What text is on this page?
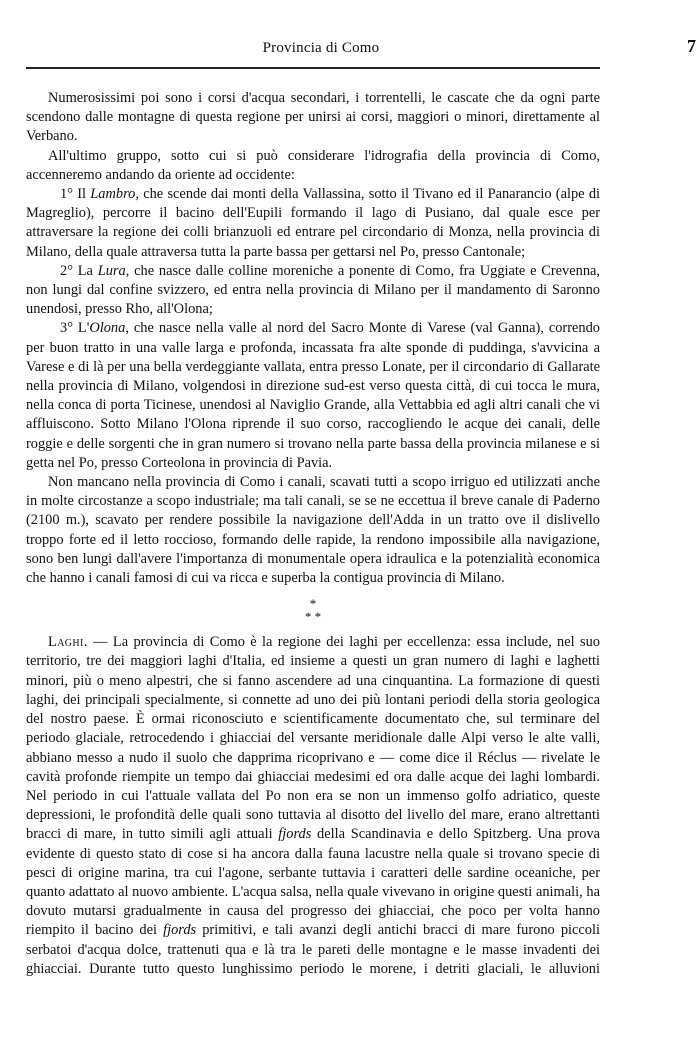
Provincia di Como	7

Numerosissimi poi sono i corsi d'acqua secondari, i torrentelli, le cascate che da ogni parte scendono dalle montagne di questa regione per unirsi ai corsi, maggiori o minori, direttamente al Verbano.

All'ultimo gruppo, sotto cui si può considerare l'idrografia della provincia di Como, accenneremo andando da oriente ad occidente:

1° Il Lambro, che scende dai monti della Vallassina, sotto il Tivano ed il Panarancio (alpe di Magreglio), percorre il bacino dell'Eupili formando il lago di Pusiano, dal quale esce per attraversare la regione dei colli brianzuoli ed entrare pel circondario di Monza, nella provincia di Milano, della quale attraversa tutta la parte bassa per gettarsi nel Po, presso Cantonale;

2° La Lura, che nasce dalle colline moreniche a ponente di Como, fra Uggiate e Crevenna, non lungi dal confine svizzero, ed entra nella provincia di Milano per il mandamento di Saronno unendosi, presso Rho, all'Olona;

3° L'Olona, che nasce nella valle al nord del Sacro Monte di Varese (val Ganna), correndo per buon tratto in una valle larga e profonda, incassata fra alte sponde di puddinga, s'avvicina a Varese e di là per una bella verdeggiante vallata, entra presso Lonate, per il circondario di Gallarate nella provincia di Milano, volgendosi in direzione sud-est verso questa città, di cui tocca le mura, nella conca di porta Ticinese, unendosi al Naviglio Grande, alla Vettabbia ed agli altri canali che vi affluiscono. Sotto Milano l'Olona riprende il suo corso, raccogliendo le acque dei canali, delle roggie e delle sorgenti che in gran numero si trovano nella parte bassa della provincia milanese e si getta nel Po, presso Corteolona in provincia di Pavia.

Non mancano nella provincia di Como i canali, scavati tutti a scopo irriguo ed utilizzati anche in molte circostanze a scopo industriale; ma tali canali, se se ne eccettua il breve canale di Paderno (2100 m.), scavato per rendere possibile la navigazione dell'Adda in un tratto ove il dislivello troppo forte ed il letto roccioso, formando delle rapide, la rendono impossibile alla navigazione, sono ben lungi dall'avere l'importanza di monumentale opera idraulica e la potenzialità economica che hanno i canali famosi di cui va ricca e superba la contigua provincia di Milano.

*
* *

Laghi. — La provincia di Como è la regione dei laghi per eccellenza: essa include, nel suo territorio, tre dei maggiori laghi d'Italia, ed insieme a questi un gran numero di laghi e laghetti minori, più o meno alpestri, che si fanno ascendere ad una cinquantina. La formazione di questi laghi, dei principali specialmente, si connette ad uno dei più lontani periodi della storia geologica del nostro paese. È ormai riconosciuto e scientificamente documentato che, sul terminare del periodo glaciale, retrocedendo i ghiacciai del versante meridionale dalle Alpi verso le alte valli, abbiano messo a nudo il suolo che dapprima ricoprivano e — come dice il Réclus — rivelate le cavità profonde riempite un tempo dai ghiacciai medesimi ed ora dalle acque dei laghi lombardi. Nel periodo in cui l'attuale vallata del Po non era se non un immenso golfo adriatico, queste depressioni, le profondità delle quali sono tuttavia al disotto del livello del mare, erano altrettanti bracci di mare, in tutto simili agli attuali fjords della Scandinavia e dello Spitzberg. Una prova evidente di questo stato di cose si ha ancora dalla fauna lacustre nella quale si trovano specie di pesci di origine marina, tra cui l'agone, serbante tuttavia i caratteri delle sardine oceaniche, per quanto adattato al nuovo ambiente. L'acqua salsa, nella quale vivevano in origine questi animali, ha dovuto mutarsi gradualmente in causa del progresso dei ghiacciai, che poco per volta hanno riempito il bacino dei fjords primitivi, e tali avanzi degli antichi bracci di mare furono piccoli serbatoi d'acqua dolce, trattenuti qua e là tra le pareti delle montagne e le masse invadenti dei ghiacciai. Durante tutto questo lunghissimo periodo le morene, i detriti glaciali, le alluvioni
